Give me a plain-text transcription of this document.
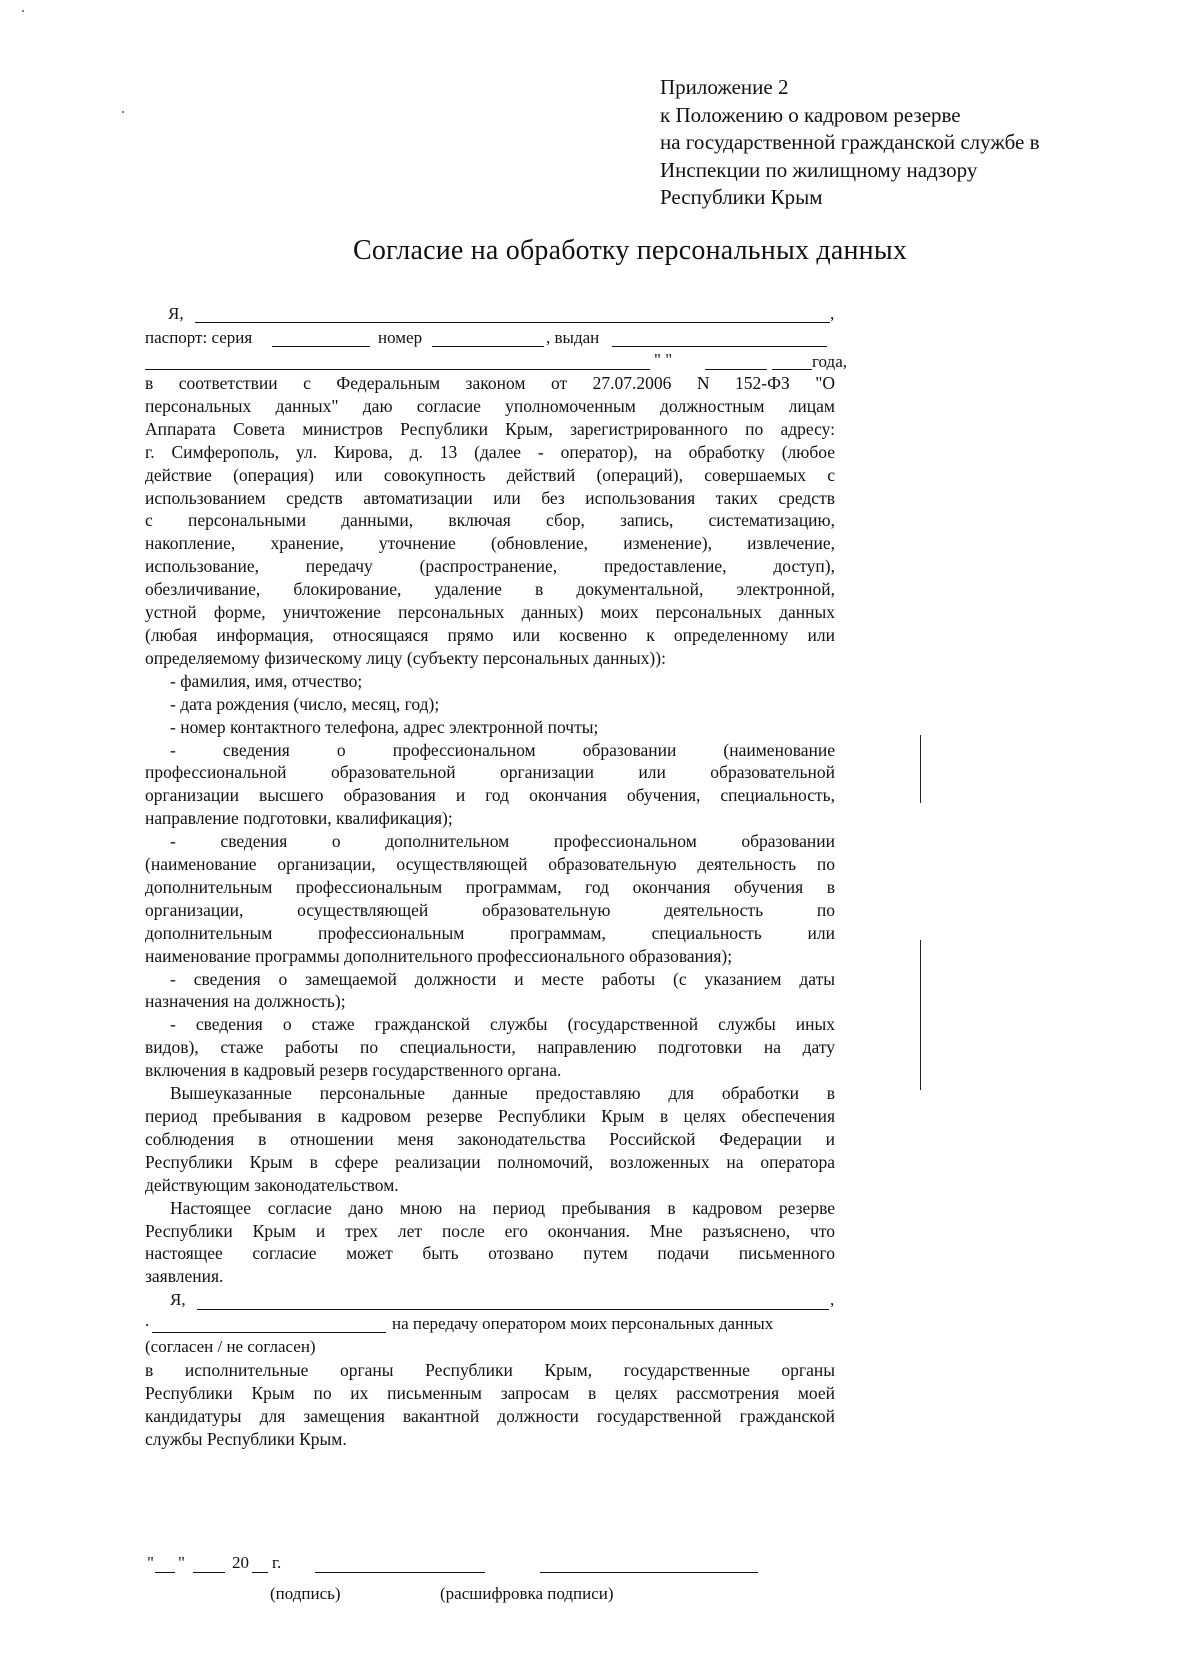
Приложение 2
к Положению о кадровом резерве
на государственной гражданской службе в
Инспекции по жилищному надзору
Республики Крым
Согласие на обработку персональных данных
Я,	,
паспорт: серия	номер	, выдан
" "	года,
в соответствии с Федеральным законом от 27.07.2006 N 152-ФЗ "О
персональных данных" даю согласие уполномоченным должностным лицам
Аппарата Совета министров Республики Крым, зарегистрированного по адресу:
г. Симферополь, ул. Кирова, д. 13 (далее - оператор), на обработку (любое
действие (операция) или совокупность действий (операций), совершаемых с
использованием средств автоматизации или без использования таких средств
с персональными данными, включая сбор, запись, систематизацию,
накопление, хранение, уточнение (обновление, изменение), извлечение,
использование, передачу (распространение, предоставление, доступ),
обезличивание, блокирование, удаление в документальной, электронной,
устной форме, уничтожение персональных данных) моих персональных данных
(любая информация, относящаяся прямо или косвенно к определенному или
определяемому физическому лицу (субъекту персональных данных)):
- фамилия, имя, отчество;
- дата рождения (число, месяц, год);
- номер контактного телефона, адрес электронной почты;
- сведения о профессиональном образовании (наименование
профессиональной образовательной организации или образовательной
организации высшего образования и год окончания обучения, специальность,
направление подготовки, квалификация);
- сведения о дополнительном профессиональном образовании
(наименование организации, осуществляющей образовательную деятельность по
дополнительным профессиональным программам, год окончания обучения в
организации, осуществляющей образовательную деятельность по
дополнительным профессиональным программам, специальность или
наименование программы дополнительного профессионального образования);
- сведения о замещаемой должности и месте работы (с указанием даты
назначения на должность);
- сведения о стаже гражданской службы (государственной службы иных
видов), стаже работы по специальности, направлению подготовки на дату
включения в кадровый резерв государственного органа.
Вышеуказанные персональные данные предоставляю для обработки в
период пребывания в кадровом резерве Республики Крым в целях обеспечения
соблюдения в отношении меня законодательства Российской Федерации и
Республики Крым в сфере реализации полномочий, возложенных на оператора
действующим законодательством.
Настоящее согласие дано мною на период пребывания в кадровом резерве
Республики Крым и трех лет после его окончания. Мне разъяснено, что
настоящее согласие может быть отозвано путем подачи письменного
заявления.
Я,	,
.	на передачу оператором моих персональных данных
(согласен / не согласен)
в исполнительные органы Республики Крым, государственные органы
Республики Крым по их письменным запросам в целях рассмотрения моей
кандидатуры для замещения вакантной должности государственной гражданской
службы Республики Крым.
" "	20 г.
(подпись)	(расшифровка подписи)
